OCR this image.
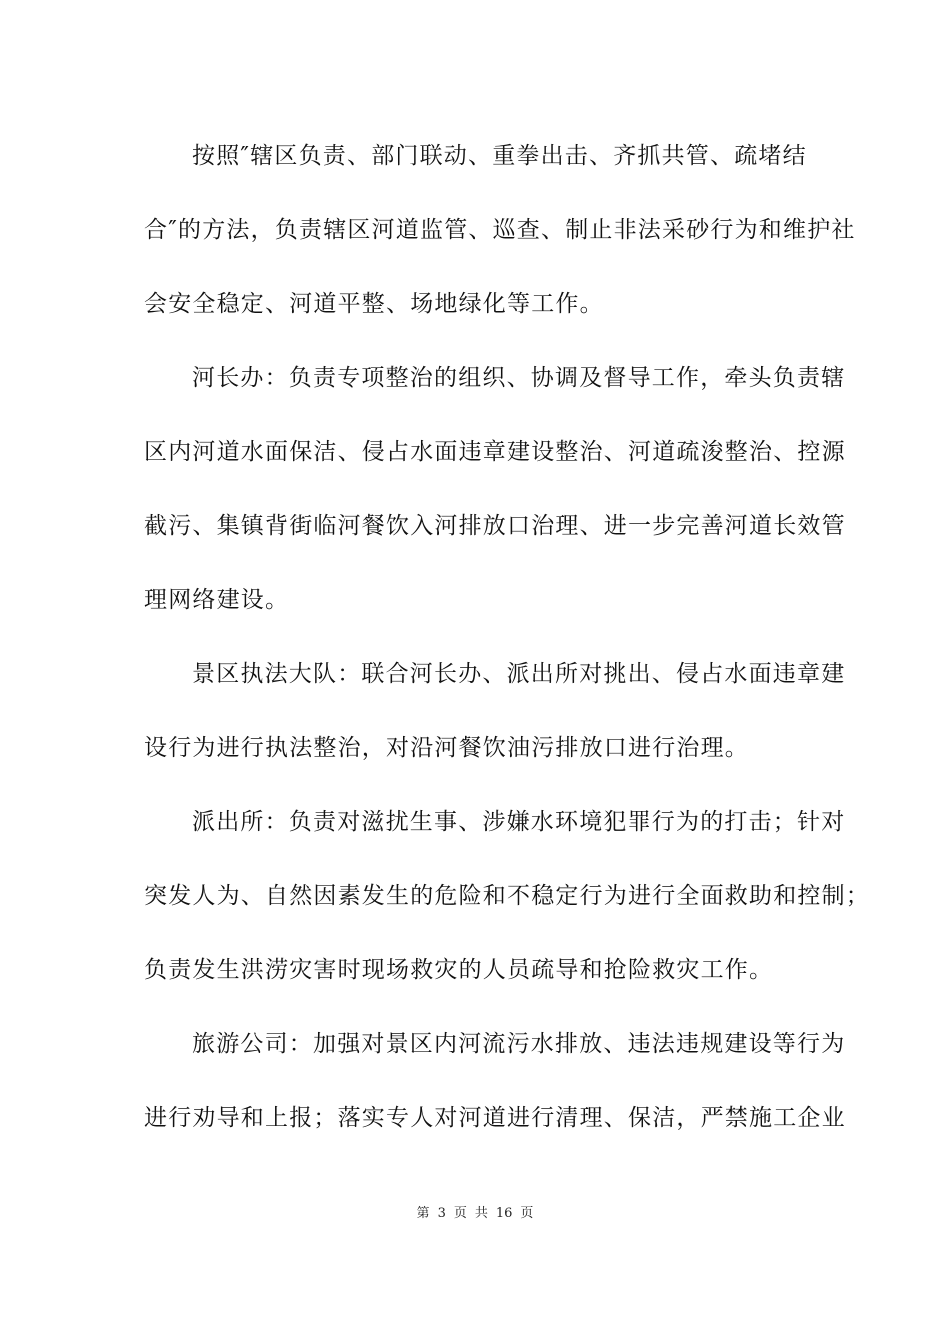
按照″辖区负责、部门联动、重拳出击、齐抓共管、疏堵结
合″的方法，负责辖区河道监管、巡查、制止非法采砂行为和维护社
会安全稳定、河道平整、场地绿化等工作。
河长办：负责专项整治的组织、协调及督导工作，牵头负责辖
区内河道水面保洁、侵占水面违章建设整治、河道疏浚整治、控源
截污、集镇背街临河餐饮入河排放口治理、进一步完善河道长效管
理网络建设。
景区执法大队：联合河长办、派出所对挑出、侵占水面违章建
设行为进行执法整治，对沿河餐饮油污排放口进行治理。
派出所：负责对滋扰生事、涉嫌水环境犯罪行为的打击；针对
突发人为、自然因素发生的危险和不稳定行为进行全面救助和控制；
负责发生洪涝灾害时现场救灾的人员疏导和抢险救灾工作。
旅游公司：加强对景区内河流污水排放、违法违规建设等行为
进行劝导和上报；落实专人对河道进行清理、保洁，严禁施工企业
第 3 页 共 16 页
